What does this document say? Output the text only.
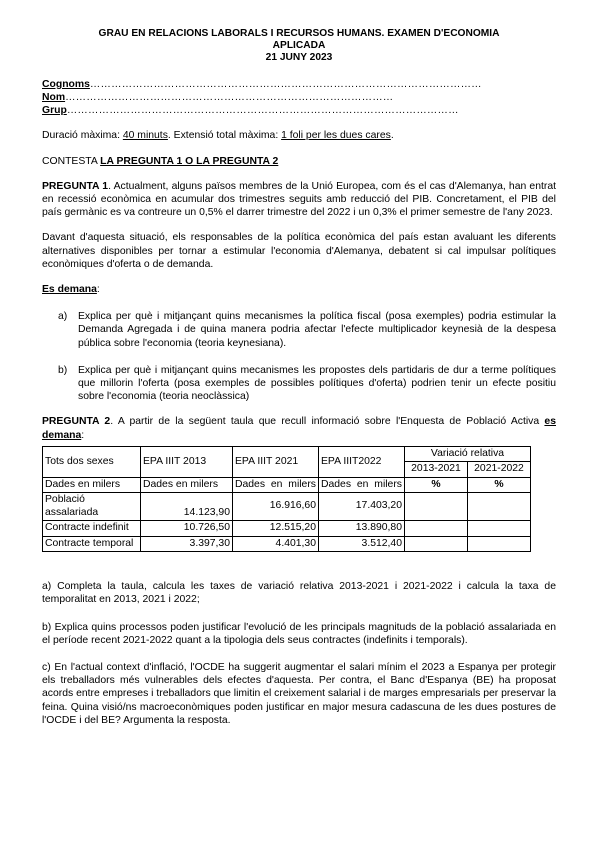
GRAU EN RELACIONS LABORALS I RECURSOS HUMANS. EXAMEN D'ECONOMIA
APLICADA
21 JUNY 2023
Cognoms…………………………………………………………………………………………………
Nom…………………………………………………………………………………
Grup…………………………………………………………………………………………………

Duració màxima: 40 minuts. Extensió total màxima: 1 foli per les dues cares.

CONTESTA LA PREGUNTA 1 O LA PREGUNTA 2

PREGUNTA 1. Actualment, alguns països membres de la Unió Europea, com és el cas d'Alemanya, han entrat en recessió econòmica en acumular dos trimestres seguits amb reducció del PIB. Concretament, el PIB del país germànic es va contreure un 0,5% el darrer trimestre del 2022 i un 0,3% el primer semestre de l'any 2023.

Davant d'aquesta situació, els responsables de la política econòmica del país estan avaluant les diferents alternatives disponibles per tornar a estimular l'economia d'Alemanya, debatent si cal impulsar polítiques econòmiques d'oferta o de demanda.

Es demana:

a)	Explica per què i mitjançant quins mecanismes la política fiscal (posa exemples) podria estimular la Demanda Agregada i de quina manera podria afectar l'efecte multiplicador keynesià de la despesa pública sobre l'economia (teoria keynesiana).

b)	Explica per què i mitjançant quins mecanismes les propostes dels partidaris de dur a terme polítiques que millorin l'oferta (posa exemples de possibles polítiques d'oferta) podrien tenir un efecte positiu sobre l'economia (teoria neoclàssica)

PREGUNTA 2. A partir de la següent taula que recull informació sobre l'Enquesta de Població Activa es demana:

Tots dos sexes	EPA IIIT 2013	EPA IIIT 2021	EPA IIIT2022	Variació relativa	
				2013-2021	2021-2022
Dades en milers	Dades en milers	Dades en milers	Dades en milers	%	%
Població assalariada	14.123,90	16.916,60	17.403,20		
Contracte indefinit	10.726,50	12.515,20	13.890,80		
Contracte temporal	3.397,30	4.401,30	3.512,40		

a) Completa la taula, calcula les taxes de variació relativa 2013-2021 i 2021-2022 i calcula la taxa de temporalitat en 2013, 2021 i 2022;

b) Explica quins processos poden justificar l'evolució de les principals magnituds de la població assalariada en el període recent 2021-2022 quant a la tipologia dels seus contractes (indefinits i temporals).

c) En l'actual context d'inflació, l'OCDE ha suggerit augmentar el salari mínim el 2023 a Espanya per protegir els treballadors més vulnerables dels efectes d'aquesta. Per contra, el Banc d'Espanya (BE) ha proposat acords entre empreses i treballadors que limitin el creixement salarial i de marges empresarials per preservar la feina. Quina visió/ns macroeconòmiques poden justificar en major mesura cadascuna de les dues postures de l'OCDE i del BE? Argumenta la resposta.
